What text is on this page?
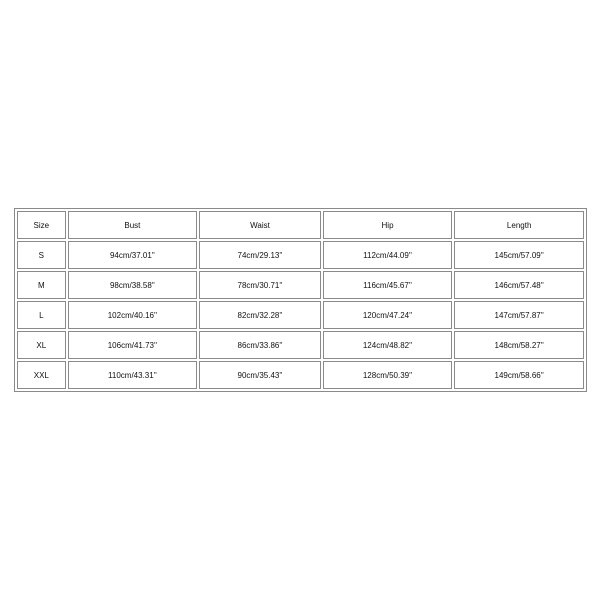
Size	Bust	Waist	Hip	Length
S	94cm/37.01''	74cm/29.13''	112cm/44.09''	145cm/57.09''
M	98cm/38.58''	78cm/30.71''	116cm/45.67''	146cm/57.48''
L	102cm/40.16''	82cm/32.28''	120cm/47.24''	147cm/57.87''
XL	106cm/41.73''	86cm/33.86''	124cm/48.82''	148cm/58.27''
XXL	110cm/43.31''	90cm/35.43''	128cm/50.39''	149cm/58.66''
